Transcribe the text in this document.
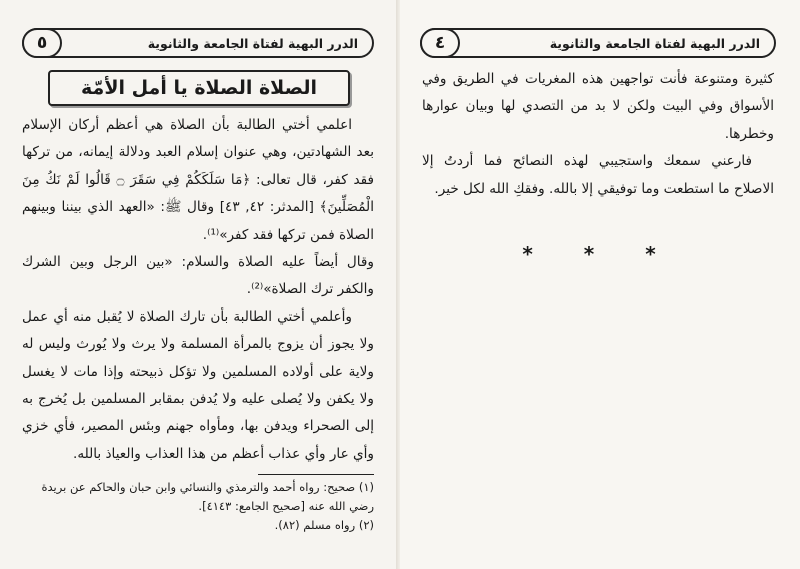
الدرر البهية لفتاة الجامعة والثانوية
٥
الصلاة الصلاة يا أمل الأمّة

اعلمي أختي الطالبة بأن الصلاة هي أعظم أركان الإسلام بعد الشهادتين، وهي عنوان إسلام العبد ودلالة إيمانه، من تركها فقد كفر، قال تعالى: ﴿مَا سَلَكَكُمْ فِي سَقَرَ ۝ قَالُوا لَمْ نَكُ مِنَ الْمُصَلِّينَ﴾ [المدثر: ٤٢, ٤٣] وقال ﷺ: «العهد الذي بيننا وبينهم الصلاة فمن تركها فقد كفر»⁽¹⁾.

وقال أيضاً عليه الصلاة والسلام: «بين الرجل وبين الشرك والكفر ترك الصلاة»⁽²⁾.

وأعلمي أختي الطالبة بأن تارك الصلاة لا يُقبل منه أي عمل ولا يجوز أن يزوج بالمرأة المسلمة ولا يرث ولا يُورث وليس له ولاية على أولاده المسلمين ولا تؤكل ذبيحته وإذا مات لا يغسل ولا يكفن ولا يُصلى عليه ولا يُدفن بمقابر المسلمين بل يُخرج به إلى الصحراء ويدفن بها، ومأواه جهنم وبئس المصير، فأي خزي وأي عار وأي عذاب أعظم من هذا العذاب والعياذ بالله.

(١) صحيح: رواه أحمد والترمذي والنسائي وابن حبان والحاكم عن بريدة رضي الله عنه [صحيح الجامع: ٤١٤٣].

(٢) رواه مسلم (٨٢).

الدرر البهية لفتاة الجامعة والثانوية
٤

كثيرة ومتنوعة فأنت تواجهين هذه المغريات في الطريق وفي الأسواق وفي البيت ولكن لا بد من التصدي لها وبيان عوارها وخطرها.

فارعني سمعك واستجيبي لهذه النصائح فما أردتُ إلا الاصلاح ما استطعت وما توفيقي إلا بالله. وفقكِ الله لكل خير.

* * *
